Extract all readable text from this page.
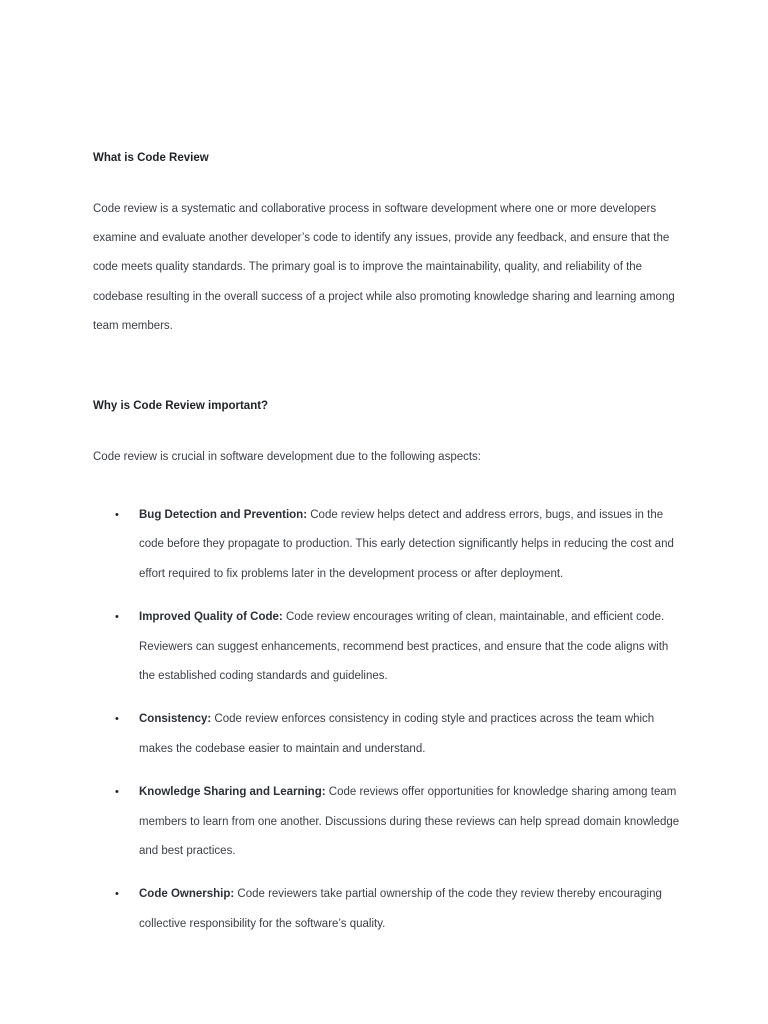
What is Code Review

Code review is a systematic and collaborative process in software development where one or more developers examine and evaluate another developer’s code to identify any issues, provide any feedback, and ensure that the code meets quality standards. The primary goal is to improve the maintainability, quality, and reliability of the codebase resulting in the overall success of a project while also promoting knowledge sharing and learning among team members.

Why is Code Review important?

Code review is crucial in software development due to the following aspects:

• Bug Detection and Prevention: Code review helps detect and address errors, bugs, and issues in the code before they propagate to production. This early detection significantly helps in reducing the cost and effort required to fix problems later in the development process or after deployment.
• Improved Quality of Code: Code review encourages writing of clean, maintainable, and efficient code. Reviewers can suggest enhancements, recommend best practices, and ensure that the code aligns with the established coding standards and guidelines.
• Consistency: Code review enforces consistency in coding style and practices across the team which makes the codebase easier to maintain and understand.
• Knowledge Sharing and Learning: Code reviews offer opportunities for knowledge sharing among team members to learn from one another. Discussions during these reviews can help spread domain knowledge and best practices.
• Code Ownership: Code reviewers take partial ownership of the code they review thereby encouraging collective responsibility for the software’s quality.
